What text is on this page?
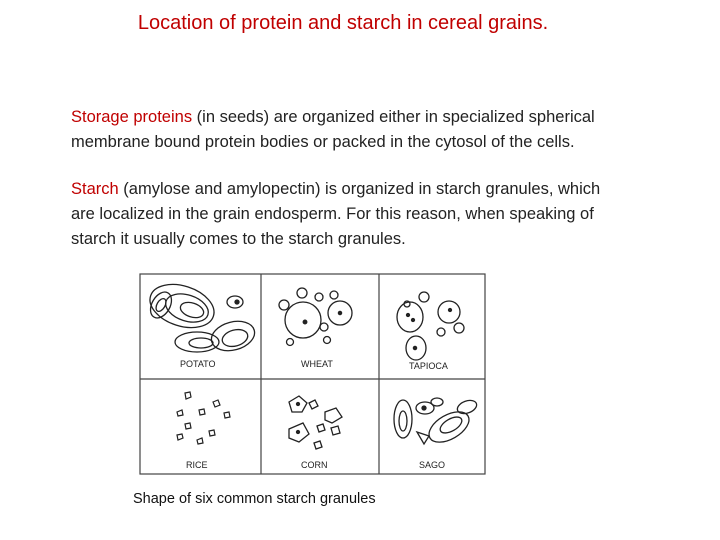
Location of protein and starch in cereal grains.
Storage proteins (in seeds) are organized either in specialized spherical
membrane bound protein bodies or packed in the cytosol of the cells.
Starch (amylose and amylopectin) is organized in starch granules, which
are localized in the grain endosperm. For this reason, when speaking of
starch it usually comes to the starch granules.
POTATO	WHEAT	TAPIOCA
RICE	CORN	SAGO
Shape of six common starch granules
